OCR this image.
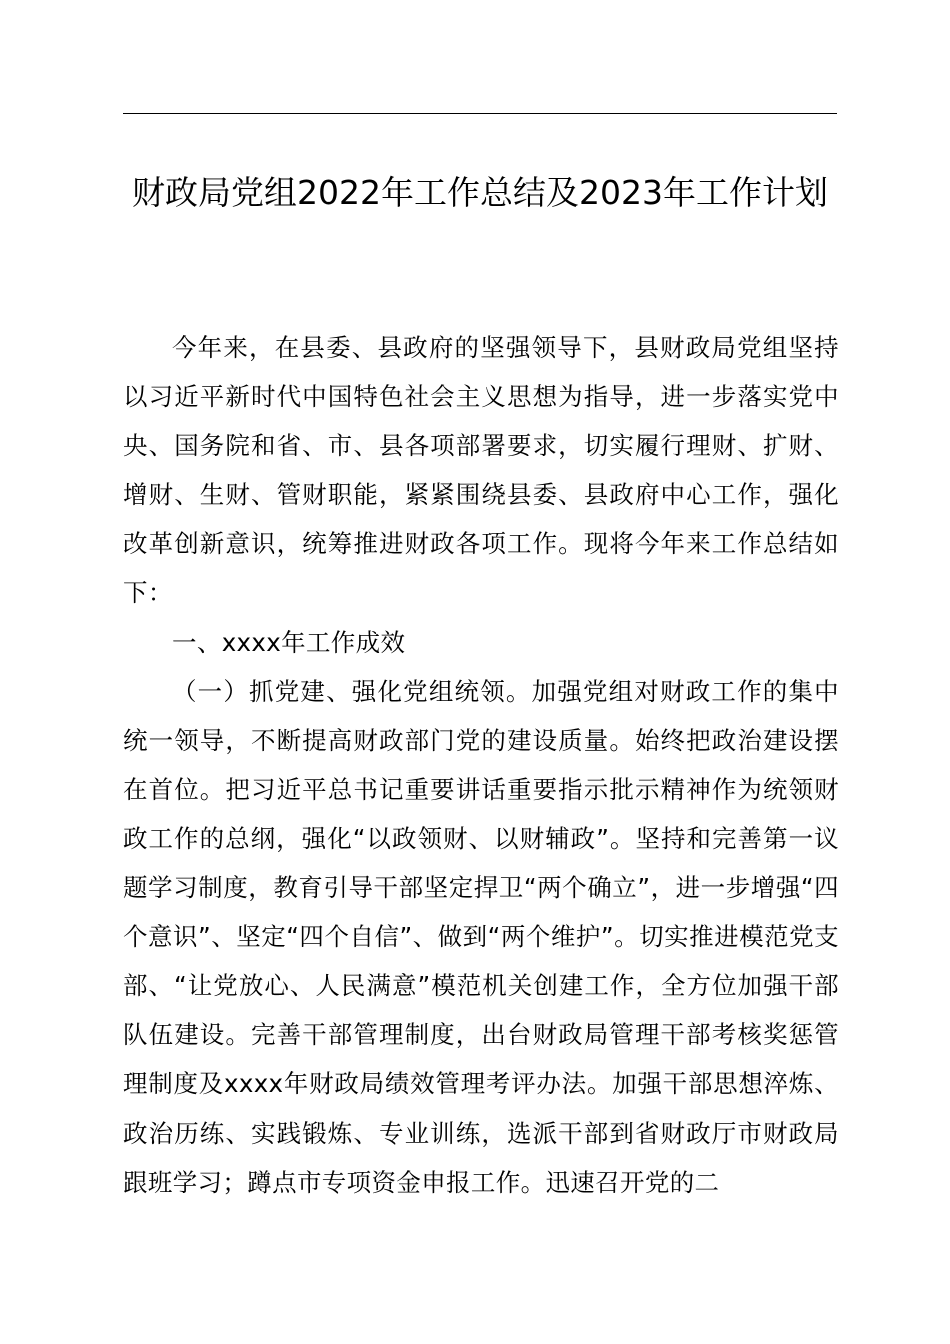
财政局党组2022年工作总结及2023年工作计划

今年来，在县委、县政府的坚强领导下，县财政局党组坚持以习近平新时代中国特色社会主义思想为指导，进一步落实党中央、国务院和省、市、县各项部署要求，切实履行理财、扩财、增财、生财、管财职能，紧紧围绕县委、县政府中心工作，强化改革创新意识，统筹推进财政各项工作。现将今年来工作总结如下：

一、xxxx年工作成效

（一）抓党建、强化党组统领。加强党组对财政工作的集中统一领导，不断提高财政部门党的建设质量。始终把政治建设摆在首位。把习近平总书记重要讲话重要指示批示精神作为统领财政工作的总纲，强化“以政领财、以财辅政”。坚持和完善第一议题学习制度，教育引导干部坚定捍卫“两个确立”，进一步增强“四个意识”、坚定“四个自信”、做到“两个维护”。切实推进模范党支部、“让党放心、人民满意”模范机关创建工作，全方位加强干部队伍建设。完善干部管理制度，出台财政局管理干部考核奖惩管理制度及xxxx年财政局绩效管理考评办法。加强干部思想淬炼、政治历练、实践锻炼、专业训练，选派干部到省财政厅市财政局跟班学习；蹲点市专项资金申报工作。迅速召开党的二
